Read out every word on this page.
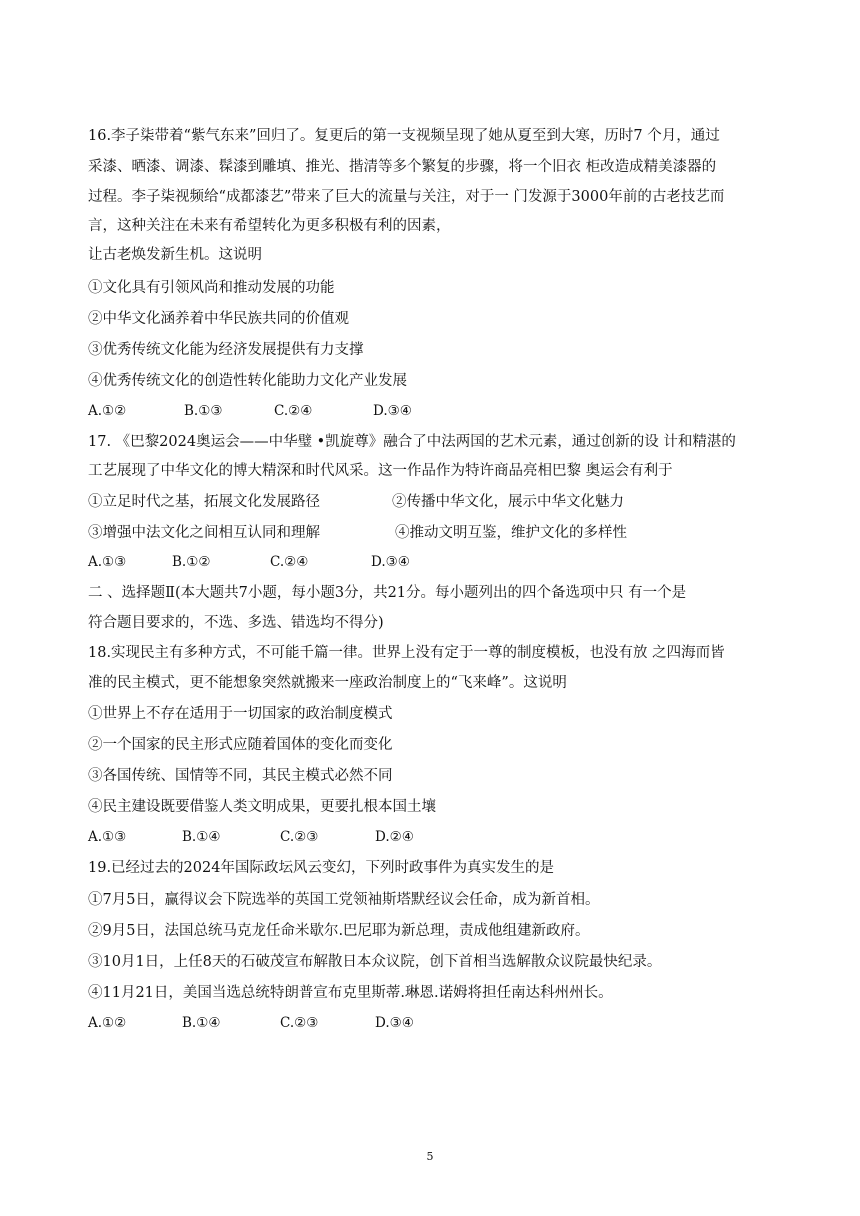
16.李子柒带着“紫气东来”回归了。复更后的第一支视频呈现了她从夏至到大寒，历时7 个月，通过
采漆、晒漆、调漆、髹漆到雕填、推光、揩清等多个繁复的步骤，将一个旧衣 柜改造成精美漆器的
过程。李子柒视频给“成都漆艺”带来了巨大的流量与关注，对于一 门发源于3000年前的古老技艺而
言，这种关注在未来有希望转化为更多积极有利的因素，
让古老焕发新生机。这说明
①文化具有引领风尚和推动发展的功能
②中华文化涵养着中华民族共同的价值观
③优秀传统文化能为经济发展提供有力支撑
④优秀传统文化的创造性转化能助力文化产业发展
A.①②	B.①③	C.②④	D.③④
17. 《巴黎2024奥运会——中华璧 •凯旋尊》融合了中法两国的艺术元素，通过创新的设 计和精湛的
工艺展现了中华文化的博大精深和时代风采。这一作品作为特许商品亮相巴黎 奥运会有利于
①立足时代之基，拓展文化发展路径	②传播中华文化，展示中华文化魅力
③增强中法文化之间相互认同和理解	④推动文明互鉴，维护文化的多样性
A.①③	B.①②	C.②④	D.③④
二 、选择题Ⅱ(本大题共7小题，每小题3分，共21分。每小题列出的四个备选项中只 有一个是
符合题目要求的，不选、多选、错选均不得分)
18.实现民主有多种方式，不可能千篇一律。世界上没有定于一尊的制度模板，也没有放 之四海而皆
准的民主模式，更不能想象突然就搬来一座政治制度上的“飞来峰”。这说明
①世界上不存在适用于一切国家的政治制度模式
②一个国家的民主形式应随着国体的变化而变化
③各国传统、国情等不同，其民主模式必然不同
④民主建设既要借鉴人类文明成果，更要扎根本国土壤
A.①③	B.①④	C.②③	D.②④
19.已经过去的2024年国际政坛风云变幻，下列时政事件为真实发生的是
①7月5日，赢得议会下院选举的英国工党领袖斯塔默经议会任命，成为新首相。
②9月5日，法国总统马克龙任命米歇尔.巴尼耶为新总理，责成他组建新政府。
③10月1日，上任8天的石破茂宣布解散日本众议院，创下首相当选解散众议院最快纪录。
④11月21日，美国当选总统特朗普宣布克里斯蒂.琳恩.诺姆将担任南达科州州长。
A.①②	B.①④	C.②③	D.③④
5
